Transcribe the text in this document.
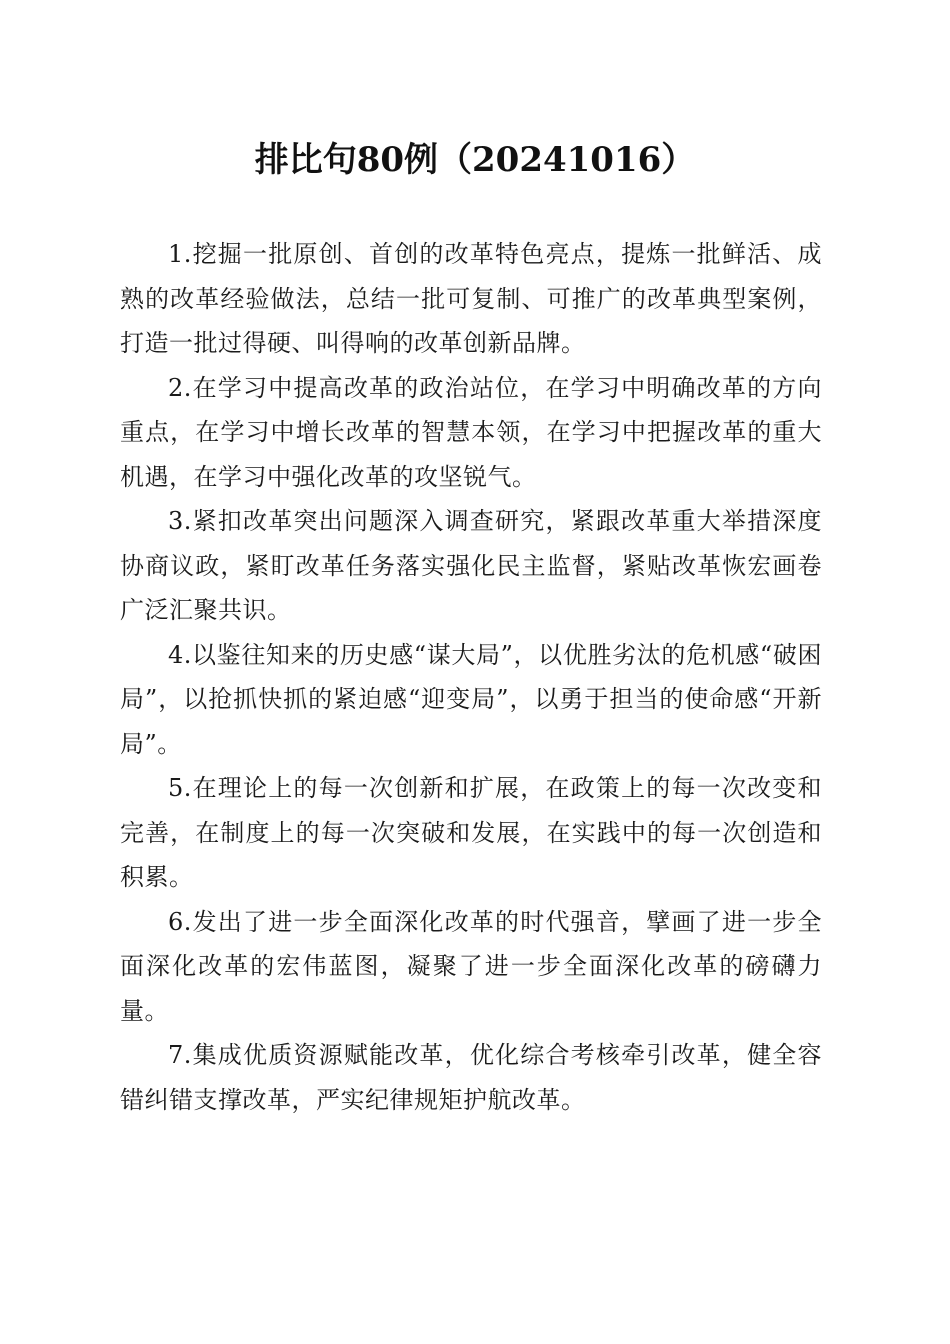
排比句80例（20241016）

1.挖掘一批原创、首创的改革特色亮点，提炼一批鲜活、成熟的改革经验做法，总结一批可复制、可推广的改革典型案例，打造一批过得硬、叫得响的改革创新品牌。

2.在学习中提高改革的政治站位，在学习中明确改革的方向重点，在学习中增长改革的智慧本领，在学习中把握改革的重大机遇，在学习中强化改革的攻坚锐气。

3.紧扣改革突出问题深入调查研究，紧跟改革重大举措深度协商议政，紧盯改革任务落实强化民主监督，紧贴改革恢宏画卷广泛汇聚共识。

4.以鉴往知来的历史感“谋大局”，以优胜劣汰的危机感“破困局”，以抢抓快抓的紧迫感“迎变局”，以勇于担当的使命感“开新局”。

5.在理论上的每一次创新和扩展，在政策上的每一次改变和完善，在制度上的每一次突破和发展，在实践中的每一次创造和积累。

6.发出了进一步全面深化改革的时代强音，擘画了进一步全面深化改革的宏伟蓝图，凝聚了进一步全面深化改革的磅礴力量。

7.集成优质资源赋能改革，优化综合考核牵引改革，健全容错纠错支撑改革，严实纪律规矩护航改革。
